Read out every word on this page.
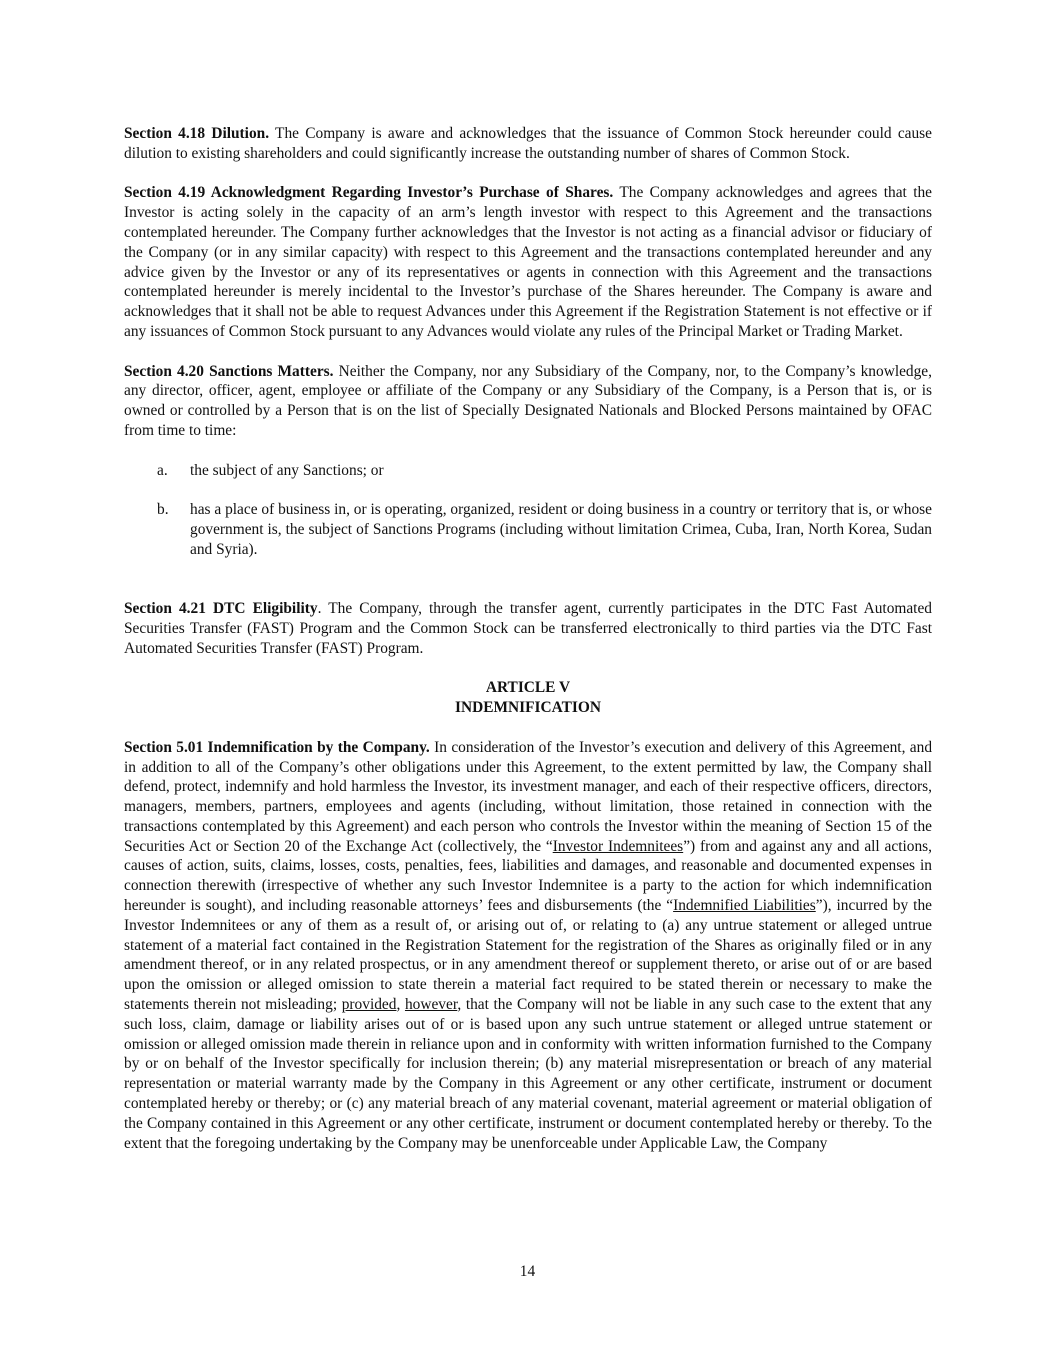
Section 4.18 Dilution. The Company is aware and acknowledges that the issuance of Common Stock hereunder could cause dilution to existing shareholders and could significantly increase the outstanding number of shares of Common Stock.

Section 4.19 Acknowledgment Regarding Investor’s Purchase of Shares. The Company acknowledges and agrees that the Investor is acting solely in the capacity of an arm’s length investor with respect to this Agreement and the transactions contemplated hereunder. The Company further acknowledges that the Investor is not acting as a financial advisor or fiduciary of the Company (or in any similar capacity) with respect to this Agreement and the transactions contemplated hereunder and any advice given by the Investor or any of its representatives or agents in connection with this Agreement and the transactions contemplated hereunder is merely incidental to the Investor’s purchase of the Shares hereunder. The Company is aware and acknowledges that it shall not be able to request Advances under this Agreement if the Registration Statement is not effective or if any issuances of Common Stock pursuant to any Advances would violate any rules of the Principal Market or Trading Market.

Section 4.20 Sanctions Matters. Neither the Company, nor any Subsidiary of the Company, nor, to the Company’s knowledge, any director, officer, agent, employee or affiliate of the Company or any Subsidiary of the Company, is a Person that is, or is owned or controlled by a Person that is on the list of Specially Designated Nationals and Blocked Persons maintained by OFAC from time to time:

a. the subject of any Sanctions; or
b. has a place of business in, or is operating, organized, resident or doing business in a country or territory that is, or whose government is, the subject of Sanctions Programs (including without limitation Crimea, Cuba, Iran, North Korea, Sudan and Syria).

Section 4.21 DTC Eligibility. The Company, through the transfer agent, currently participates in the DTC Fast Automated Securities Transfer (FAST) Program and the Common Stock can be transferred electronically to third parties via the DTC Fast Automated Securities Transfer (FAST) Program.

ARTICLE V
INDEMNIFICATION

Section 5.01 Indemnification by the Company. In consideration of the Investor’s execution and delivery of this Agreement, and in addition to all of the Company’s other obligations under this Agreement, to the extent permitted by law, the Company shall defend, protect, indemnify and hold harmless the Investor, its investment manager, and each of their respective officers, directors, managers, members, partners, employees and agents (including, without limitation, those retained in connection with the transactions contemplated by this Agreement) and each person who controls the Investor within the meaning of Section 15 of the Securities Act or Section 20 of the Exchange Act (collectively, the “Investor Indemnitees”) from and against any and all actions, causes of action, suits, claims, losses, costs, penalties, fees, liabilities and damages, and reasonable and documented expenses in connection therewith (irrespective of whether any such Investor Indemnitee is a party to the action for which indemnification hereunder is sought), and including reasonable attorneys’ fees and disbursements (the “Indemnified Liabilities”), incurred by the Investor Indemnitees or any of them as a result of, or arising out of, or relating to (a) any untrue statement or alleged untrue statement of a material fact contained in the Registration Statement for the registration of the Shares as originally filed or in any amendment thereof, or in any related prospectus, or in any amendment thereof or supplement thereto, or arise out of or are based upon the omission or alleged omission to state therein a material fact required to be stated therein or necessary to make the statements therein not misleading; provided, however, that the Company will not be liable in any such case to the extent that any such loss, claim, damage or liability arises out of or is based upon any such untrue statement or alleged untrue statement or omission or alleged omission made therein in reliance upon and in conformity with written information furnished to the Company by or on behalf of the Investor specifically for inclusion therein; (b) any material misrepresentation or breach of any material representation or material warranty made by the Company in this Agreement or any other certificate, instrument or document contemplated hereby or thereby; or (c) any material breach of any material covenant, material agreement or material obligation of the Company contained in this Agreement or any other certificate, instrument or document contemplated hereby or thereby. To the extent that the foregoing undertaking by the Company may be unenforceable under Applicable Law, the Company

14
